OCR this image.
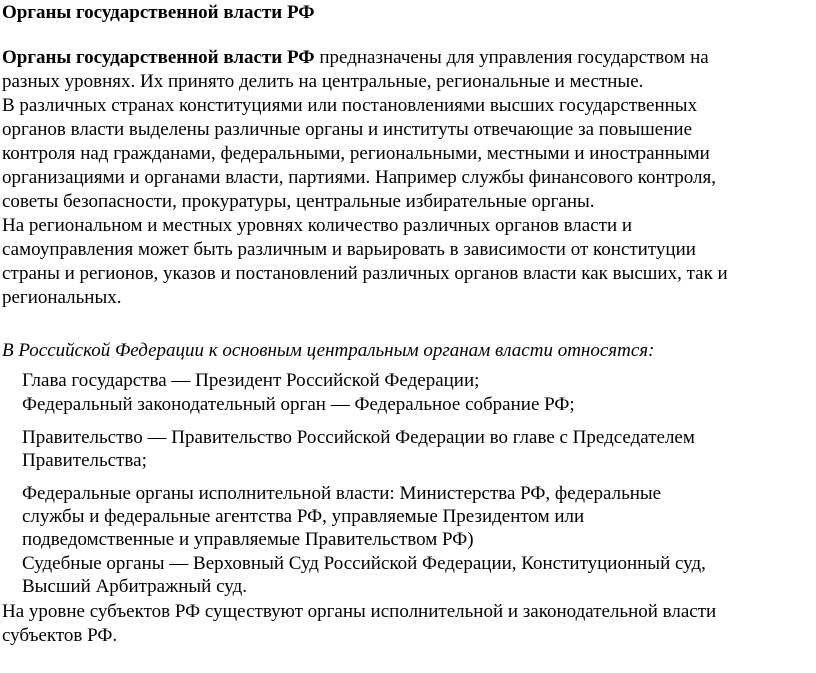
Органы государственной власти РФ
Органы государственной власти РФ предназначены для управления государством на
разных уровнях. Их принято делить на центральные, региональные и местные.
В различных странах конституциями или постановлениями высших государственных
органов власти выделены различные органы и институты отвечающие за повышение
контроля над гражданами, федеральными, региональными, местными и иностранными
организациями и органами власти, партиями. Например службы финансового контроля,
советы безопасности, прокуратуры, центральные избирательные органы.
На региональном и местных уровнях количество различных органов власти и
самоуправления может быть различным и варьировать в зависимости от конституции
страны и регионов, указов и постановлений различных органов власти как высших, так и
региональных.

В Российской Федерации к основным центральным органам власти относятся:

Глава государства — Президент Российской Федерации;
Федеральный законодательный орган — Федеральное собрание РФ;
Правительство — Правительство Российской Федерации во главе с Председателем
Правительства;
Федеральные органы исполнительной власти: Министерства РФ, федеральные
службы и федеральные агентства РФ, управляемые Президентом или
подведомственные и управляемые Правительством РФ)
Судебные органы — Верховный Суд Российской Федерации, Конституционный суд,
Высший Арбитражный суд.
На уровне субъектов РФ существуют органы исполнительной и законодательной власти
субъектов РФ.
